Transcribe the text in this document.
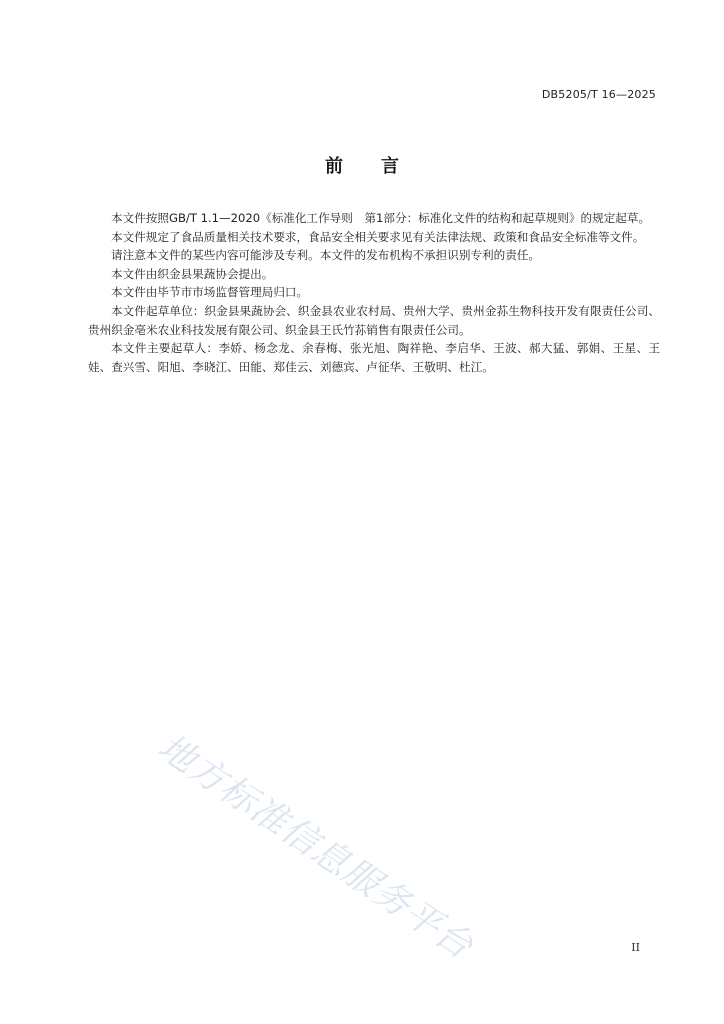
DB5205/T 16—2025
前言

本文件按照GB/T 1.1—2020《标准化工作导则　第1部分：标准化文件的结构和起草规则》的规定起草。

本文件规定了食品质量相关技术要求，食品安全相关要求见有关法律法规、政策和食品安全标准等文件。

请注意本文件的某些内容可能涉及专利。本文件的发布机构不承担识别专利的责任。

本文件由织金县果蔬协会提出。

本文件由毕节市市场监督管理局归口。

本文件起草单位：织金县果蔬协会、织金县农业农村局、贵州大学、贵州金荪生物科技开发有限责任公司、贵州织金亳米农业科技发展有限公司、织金县王氏竹荪销售有限责任公司。

本文件主要起草人：李娇、杨念龙、余春梅、张光旭、陶祥艳、李启华、王波、郝大猛、郭娟、王星、王娃、查兴雪、阳旭、李晓江、田能、郑佳云、刘德宾、卢征华、王敬明、杜江。

地方标准信息服务平台	II
